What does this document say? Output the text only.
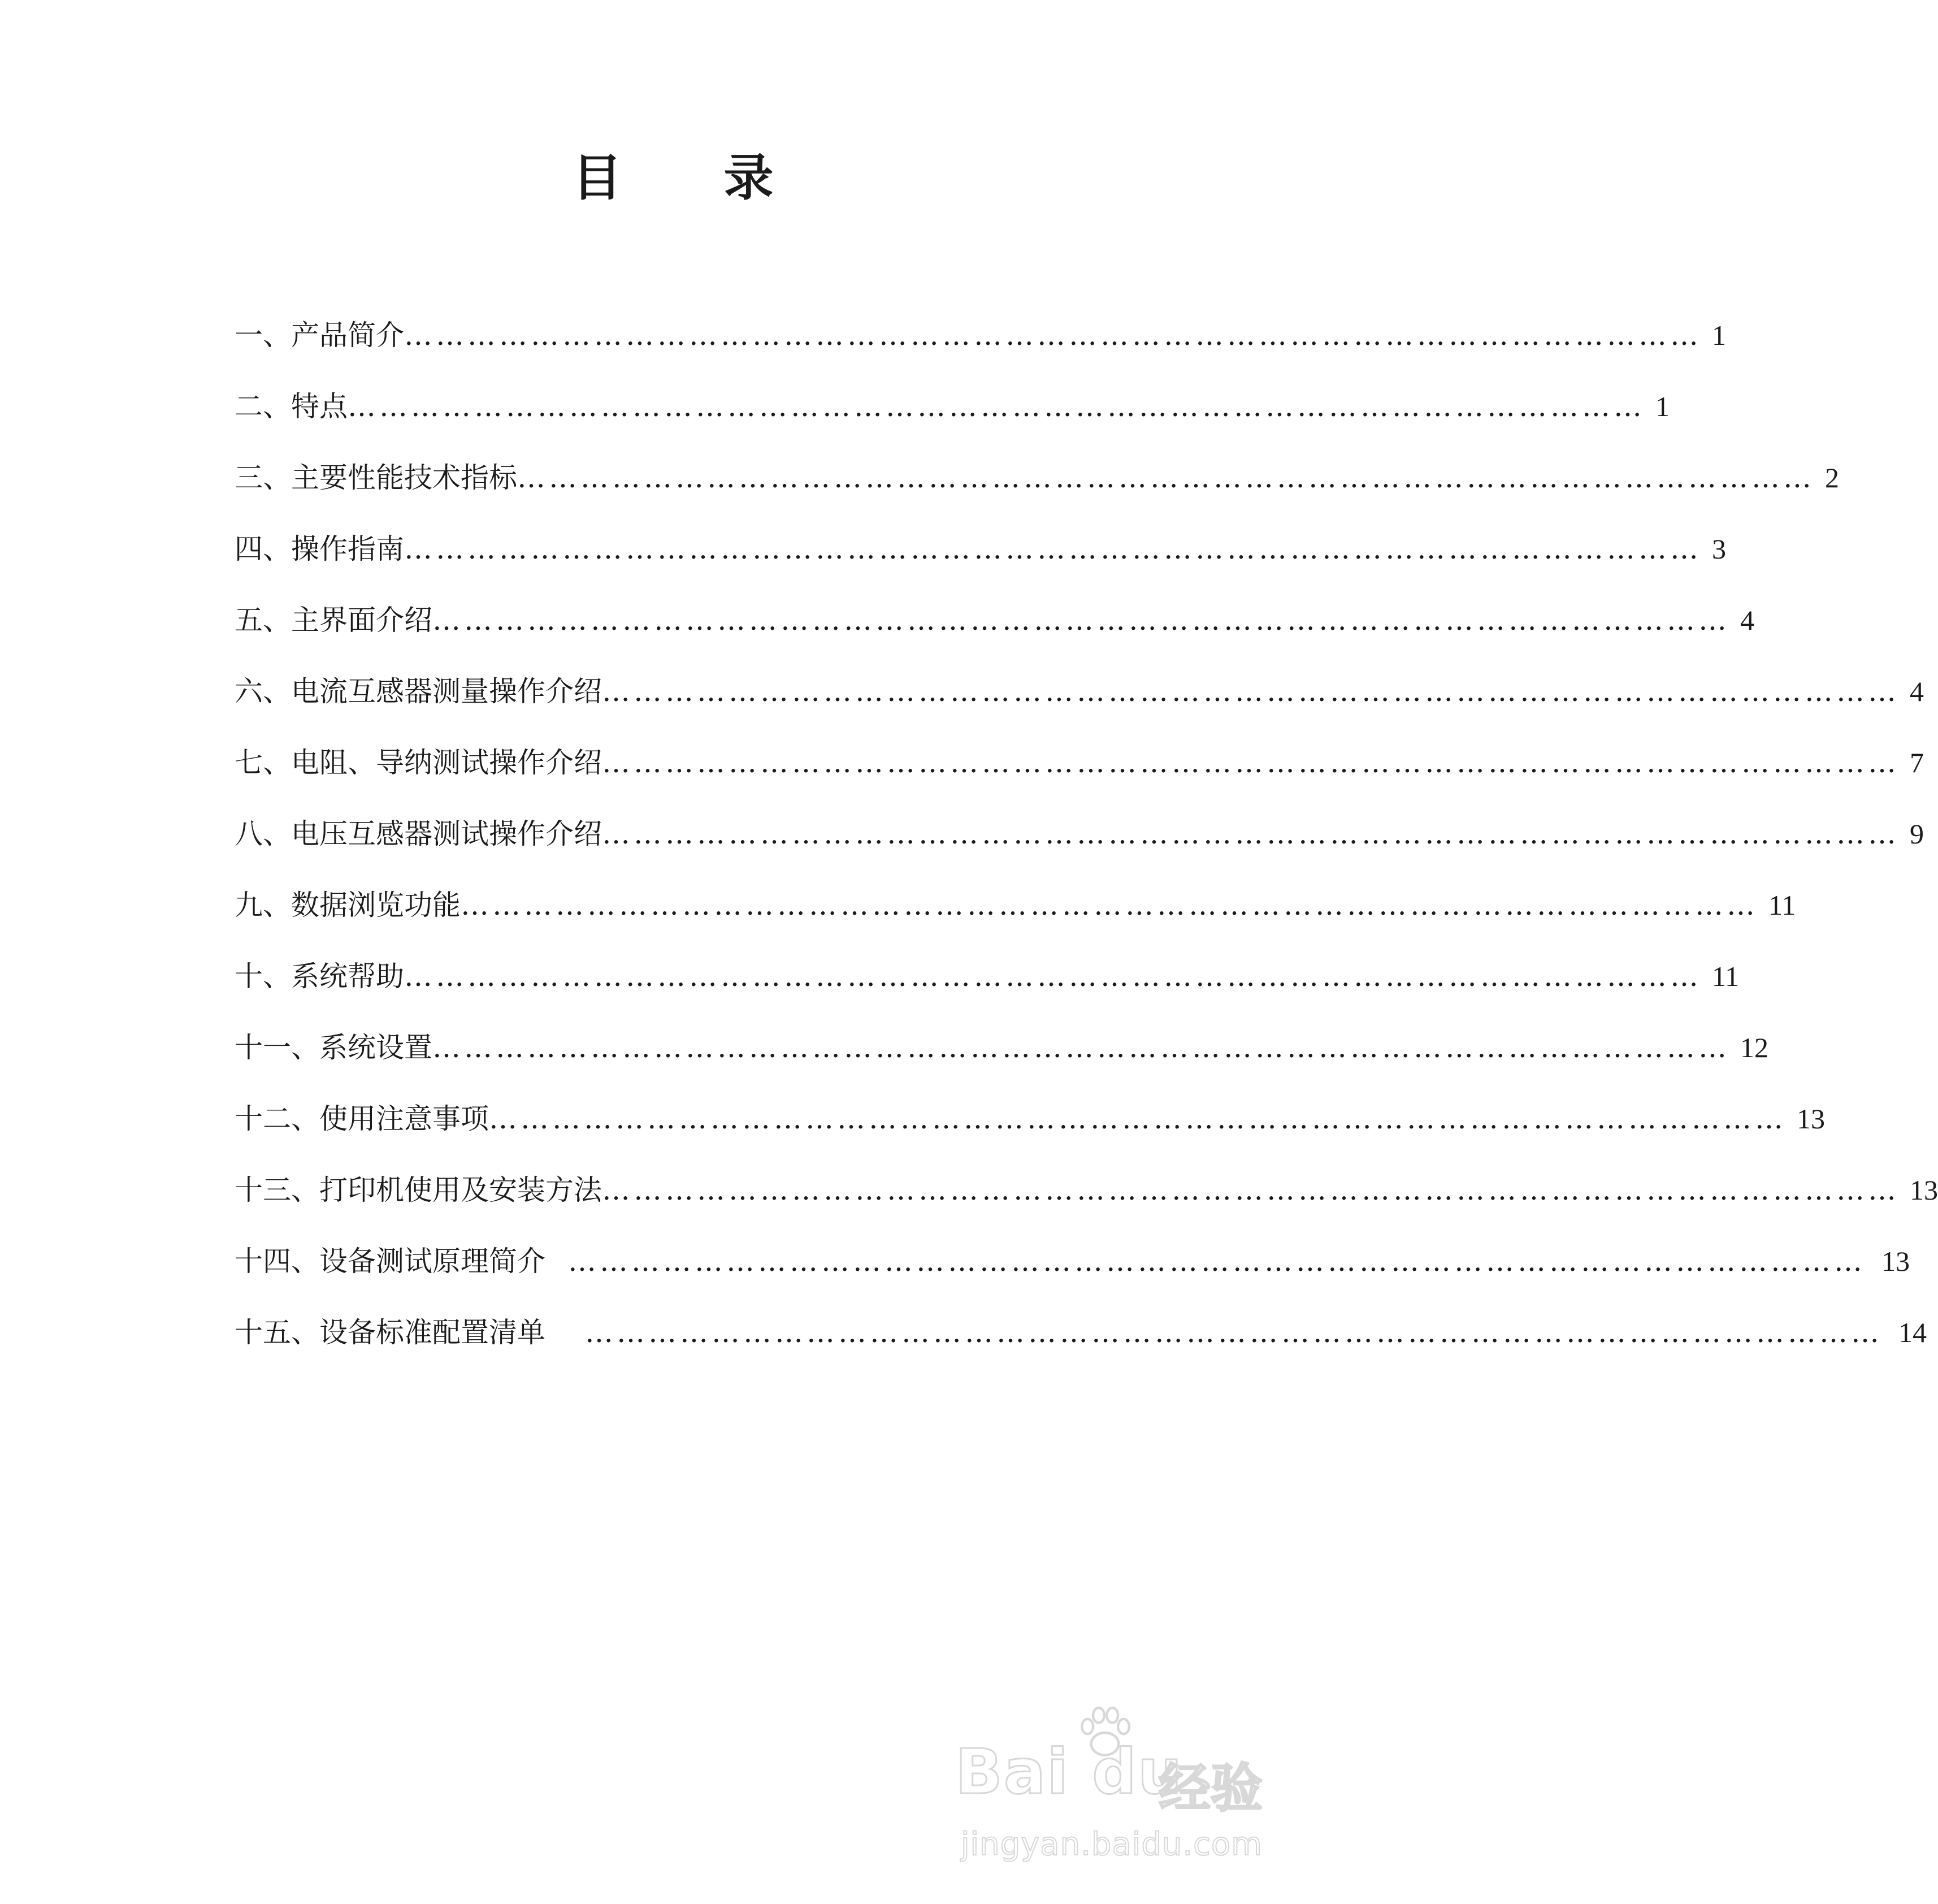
目录
一、产品简介 …………………………………………………………………………………………………………… 1
二、特点 …………………………………………………………………………………………………………… 1
三、主要性能技术指标 …………………………………………………………………………………………………………… 2
四、操作指南 …………………………………………………………………………………………………………… 3
五、主界面介绍 …………………………………………………………………………………………………………… 4
六、电流互感器测量操作介绍 …………………………………………………………………………………………………………… 4
七、电阻、导纳测试操作介绍 …………………………………………………………………………………………………………… 7
八、电压互感器测试操作介绍 …………………………………………………………………………………………………………… 9
九、数据浏览功能 …………………………………………………………………………………………………………… 11
十、系统帮助 …………………………………………………………………………………………………………… 11
十一、系统设置 …………………………………………………………………………………………………………… 12
十二、使用注意事项 …………………………………………………………………………………………………………… 13
十三、打印机使用及安装方法 …………………………………………………………………………………………………………… 13
十四、设备测试原理简介 …………………………………………………………………………………………………………… 13
十五、设备标准配置清单 …………………………………………………………………………………………………………… 14
Bai du
经验
jingyan.baidu.com
